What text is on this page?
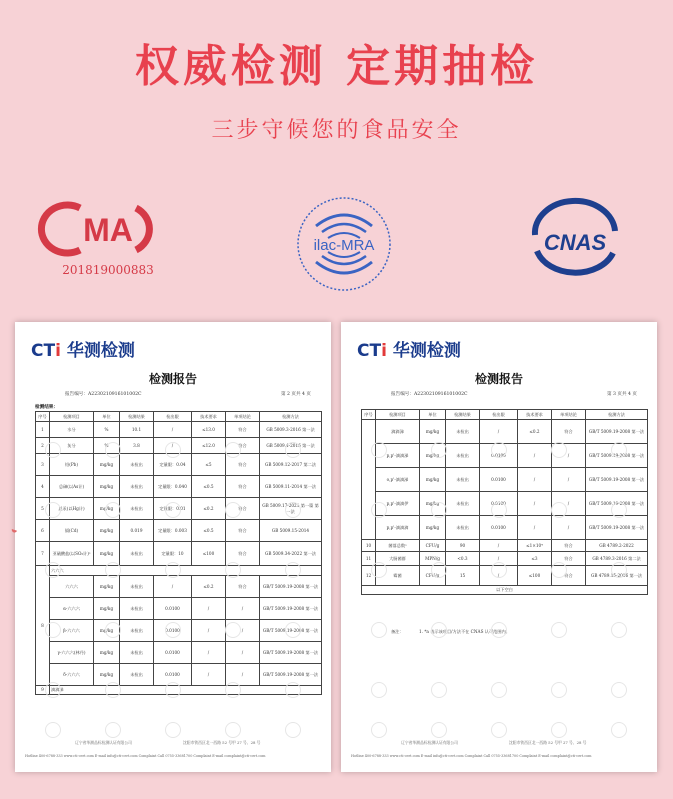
权威检测 定期抽检
三步守候您的食品安全
MA
201819000883
ilac-MRA	CNAS
CTi 华测检测
检测报告
报告编号：A2230210916101002C	第 2 页共 4 页
检测结果：
序号	检测项目	单位	检测结果	检出限	技术要求	单项结论	检测方法
1	水分	%	10.1	/	≤13.0	符合	GB 5009.3-2016 第一法
2	灰分	%	3.8	/	≤12.0	符合	GB 5009.4-2016 第一法
3	铅(Pb)	mg/kg	未检出	定量限：0.04	≤5	符合	GB 5009.12-2017 第二法
4	总砷(以As计)	mg/kg	未检出	定量限：0.040	≤0.5	符合	GB 5009.11-2014 第一法
5	总汞(以Hg计)	mg/kg	未检出	定量限：0.01	≤0.2	符合	GB 5009.17-2021 第一篇 第一法
6	镉(Cd)	mg/kg	0.019	定量限：0.003	≤0.5	符合	GB 5009.15-2014
7	亚硫酸盐(以SO₂计)ᵃ	mg/kg	未检出	定量限：10	≤100	符合	GB 5009.34-2022 第一法
8	六六六						
	六六六	mg/kg	未检出	/	≤0.2	符合	GB/T 5009.19-2008 第一法
	α-六六六	mg/kg	未检出	0.0100	/	/	GB/T 5009.19-2008 第一法
	β-六六六	mg/kg	未检出	0.0100	/	/	GB/T 5009.19-2008 第一法
	γ-六六六(林丹)	mg/kg	未检出	0.0100	/	/	GB/T 5009.19-2008 第一法
	δ-六六六	mg/kg	未检出	0.0100	/	/	GB/T 5009.19-2008 第一法
9	滴滴涕						
◖
辽宁省华测品标检测认证有限公司	沈阳市铁西区北一西路 52 号甲 27 号、28 号
Hotline 400-6788-333 www.cti-cert.com E-mail info@cti-cert.com Complaint Call 0755-33681700 Complaint E-mail complaint@cti-cert.com
CTi 华测检测
检测报告
报告编号：A2230210916101002C	第 3 页共 4 页
序号	检测项目	单位	检测结果	检出限	技术要求	单项结论	检测方法
	滴滴涕	mg/kg	未检出	/	≤0.2	符合	GB/T 5009.19-2008 第一法
	p,p'-滴滴涕	mg/kg	未检出	0.0100	/	/	GB/T 5009.19-2008 第一法
	o,p'-滴滴涕	mg/kg	未检出	0.0100	/	/	GB/T 5009.19-2008 第一法
	p,p'-滴滴伊	mg/kg	未检出	0.0100	/	/	GB/T 5009.19-2008 第一法
	p,p'-滴滴滴	mg/kg	未检出	0.0100	/	/	GB/T 5009.19-2008 第一法
10	菌落总数ᵃ	CFU/g	90	/	≤1×10⁴	符合	GB 4789.2-2022
11	大肠菌群	MPN/g	<0.3	/	≤3	符合	GB 4789.3-2016 第二法
12	霉菌	CFU/g	15	/	≤100	符合	GB 4789.15-2016 第一法
以下空白							
备注：	1. *a 表示该项目/方法不在 CNAS 认可范围内。
辽宁省华测品标检测认证有限公司	沈阳市铁西区北一西路 52 号甲 27 号、28 号
Hotline 400-6788-333 www.cti-cert.com E-mail info@cti-cert.com Complaint Call 0755-33681700 Complaint E-mail complaint@cti-cert.com
